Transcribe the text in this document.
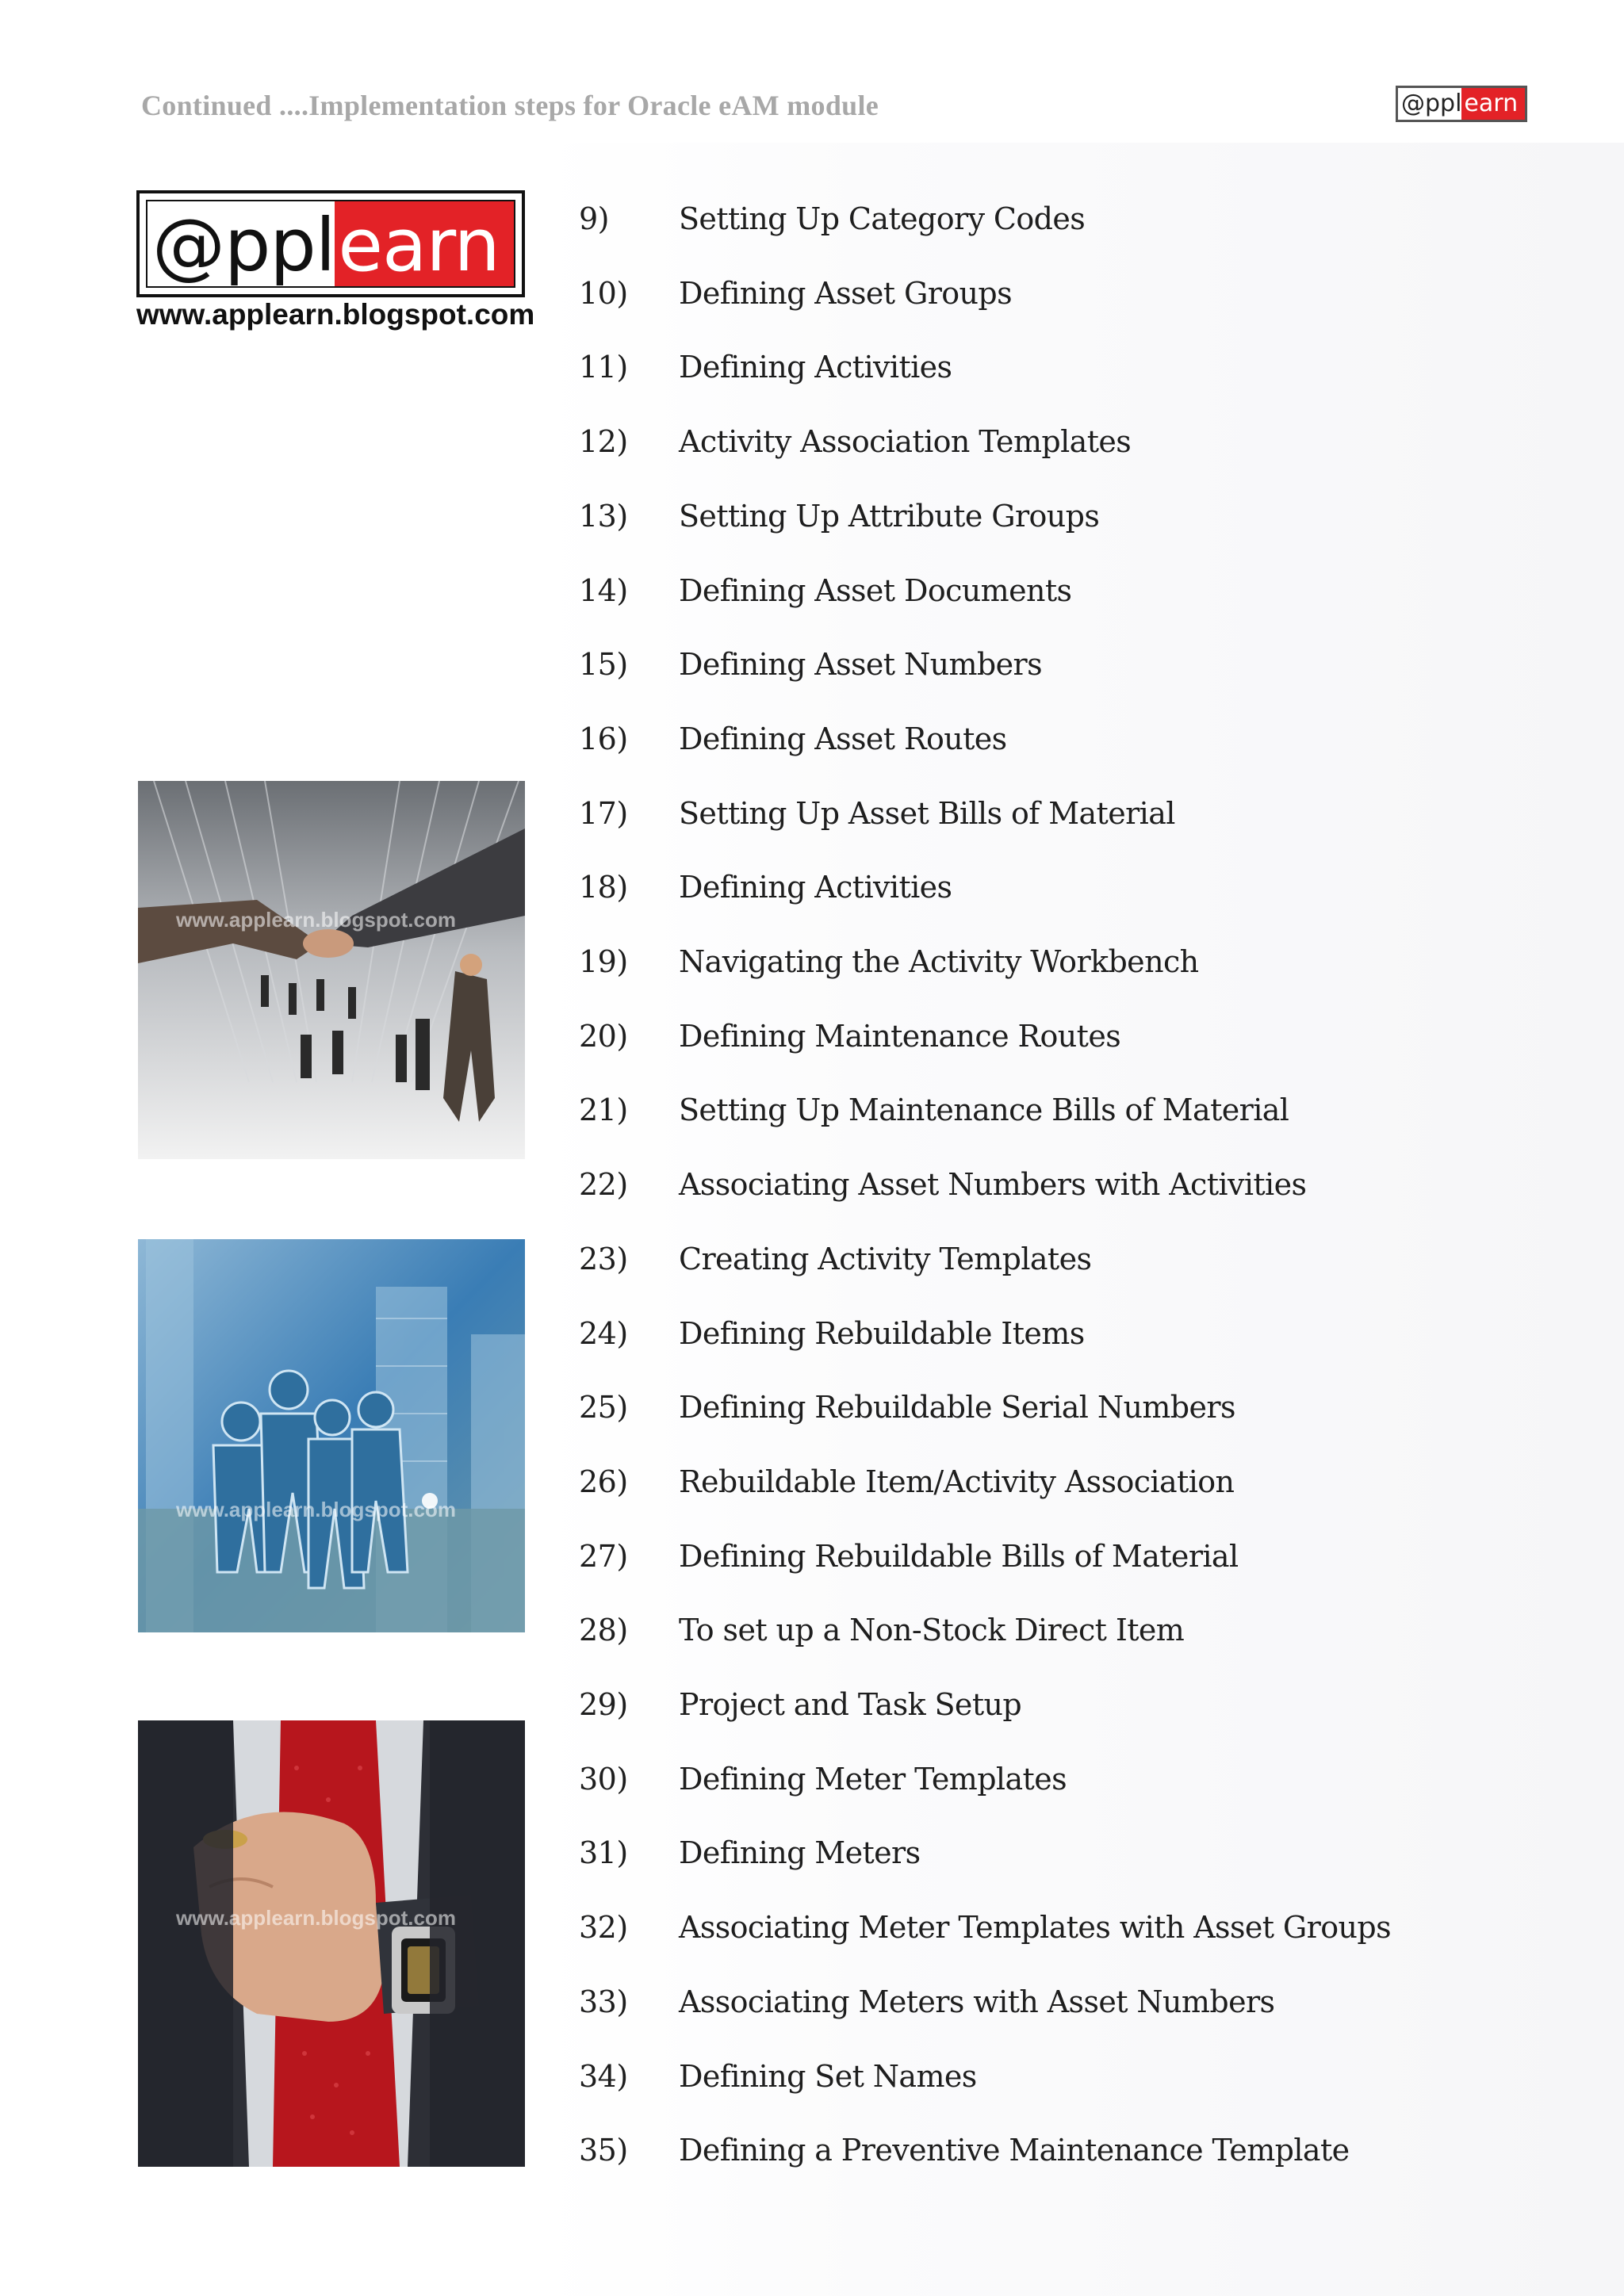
Continued ....Implementation steps for Oracle eAM module	@ppl earn
@ppl earn
www.applearn.blogspot.com
www.applearn.blogspot.com
www.applearn.blogspot.com
www.applearn.blogspot.com
9)	Setting Up Category Codes
10)	Defining Asset Groups
11)	Defining Activities
12)	Activity Association Templates
13)	Setting Up Attribute Groups
14)	Defining Asset Documents
15)	Defining Asset Numbers
16)	Defining Asset Routes
17)	Setting Up Asset Bills of Material
18)	Defining Activities
19)	Navigating the Activity Workbench
20)	Defining Maintenance Routes
21)	Setting Up Maintenance Bills of Material
22)	Associating Asset Numbers with Activities
23)	Creating Activity Templates
24)	Defining Rebuildable Items
25)	Defining Rebuildable Serial Numbers
26)	Rebuildable Item/Activity Association
27)	Defining Rebuildable Bills of Material
28)	To set up a Non-Stock Direct Item
29)	Project and Task Setup
30)	Defining Meter Templates
31)	Defining Meters
32)	Associating Meter Templates with Asset Groups
33)	Associating Meters with Asset Numbers
34)	Defining Set Names
35)	Defining a Preventive Maintenance Template
